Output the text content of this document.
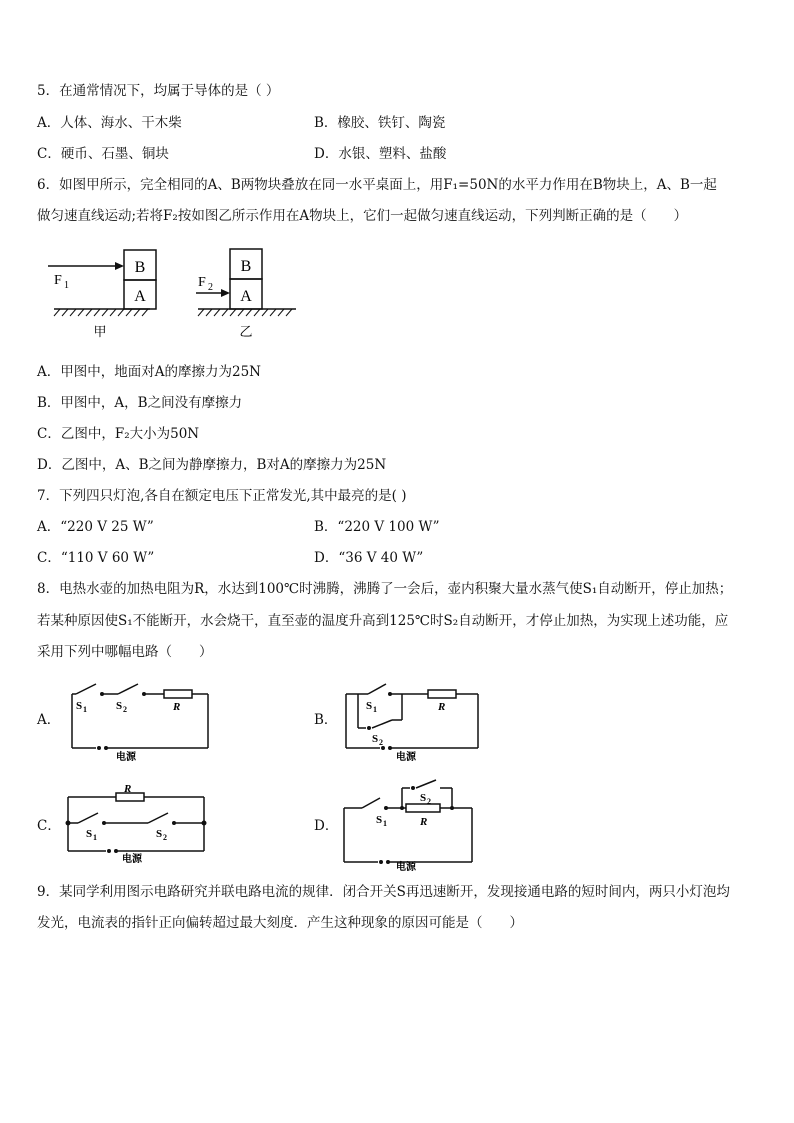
5．在通常情况下，均属于导体的是（ ）
A．人体、海水、干木柴	B．橡胶、铁钉、陶瓷
C．硬币、石墨、铜块	D．水银、塑料、盐酸
6．如图甲所示，完全相同的A、B两物块叠放在同一水平桌面上，用F₁=50N的水平力作用在B物块上，A、B一起
做匀速直线运动;若将F₂按如图乙所示作用在A物块上，它们一起做匀速直线运动，下列判断正确的是（　　）
B
A
F 1
甲
B
A
F 2
乙
A．甲图中，地面对A的摩擦力为25N
B．甲图中，A，B之间没有摩擦力
C．乙图中，F₂大小为50N
D．乙图中，A、B之间为静摩擦力，B对A的摩擦力为25N
7．下列四只灯泡,各自在额定电压下正常发光,其中最亮的是( )
A．“220 V 25 W”	B．“220 V 100 W”
C．“110 V 60 W”	D．“36 V 40 W”
8．电热水壶的加热电阻为R，水达到100℃时沸腾，沸腾了一会后，壶内积聚大量水蒸气使S₁自动断开，停止加热；
若某种原因使S₁不能断开，水会烧干，直至壶的温度升高到125℃时S₂自动断开，才停止加热，为实现上述功能，应
采用下列中哪幅电路（　　）
A．
S 1	S 2	R
电源
B．
S 1
S 2
R
电源
C．
R
S 1	S 2
电源
D．
S 2
S 1	R
电源
9．某同学利用图示电路研究并联电路电流的规律．闭合开关S再迅速断开，发现接通电路的短时间内，两只小灯泡均
发光，电流表的指针正向偏转超过最大刻度．产生这种现象的原因可能是（　　）
